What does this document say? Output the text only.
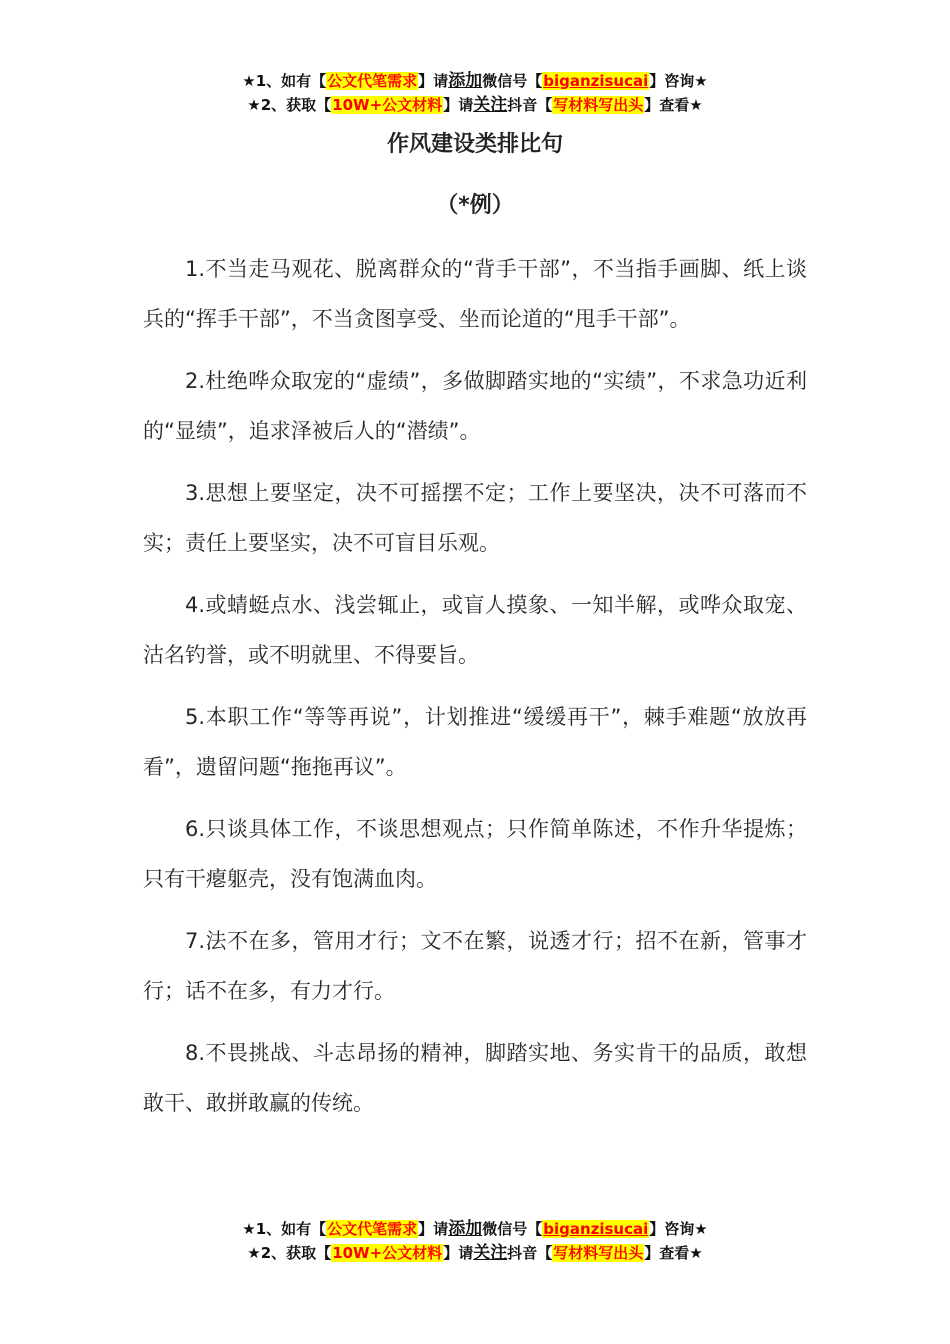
★1、如有【公文代笔需求】请添加微信号【biganzisucai】咨询★
★2、获取【10W+公文材料】请关注抖音【写材料写出头】查看★
作风建设类排比句
（*例）

1.不当走马观花、脱离群众的“背手干部”，不当指手画脚、纸上谈兵的“挥手干部”，不当贪图享受、坐而论道的“甩手干部”。

2.杜绝哗众取宠的“虚绩”，多做脚踏实地的“实绩”，不求急功近利的“显绩”，追求泽被后人的“潜绩”。

3.思想上要坚定，决不可摇摆不定；工作上要坚决，决不可落而不实；责任上要坚实，决不可盲目乐观。

4.或蜻蜓点水、浅尝辄止，或盲人摸象、一知半解，或哗众取宠、沽名钓誉，或不明就里、不得要旨。

5.本职工作“等等再说”，计划推进“缓缓再干”，棘手难题“放放再看”，遗留问题“拖拖再议”。

6.只谈具体工作，不谈思想观点；只作简单陈述，不作升华提炼；只有干瘪躯壳，没有饱满血肉。

7.法不在多，管用才行；文不在繁，说透才行；招不在新，管事才行；话不在多，有力才行。

8.不畏挑战、斗志昂扬的精神，脚踏实地、务实肯干的品质，敢想敢干、敢拼敢赢的传统。

★1、如有【公文代笔需求】请添加微信号【biganzisucai】咨询★
★2、获取【10W+公文材料】请关注抖音【写材料写出头】查看★
